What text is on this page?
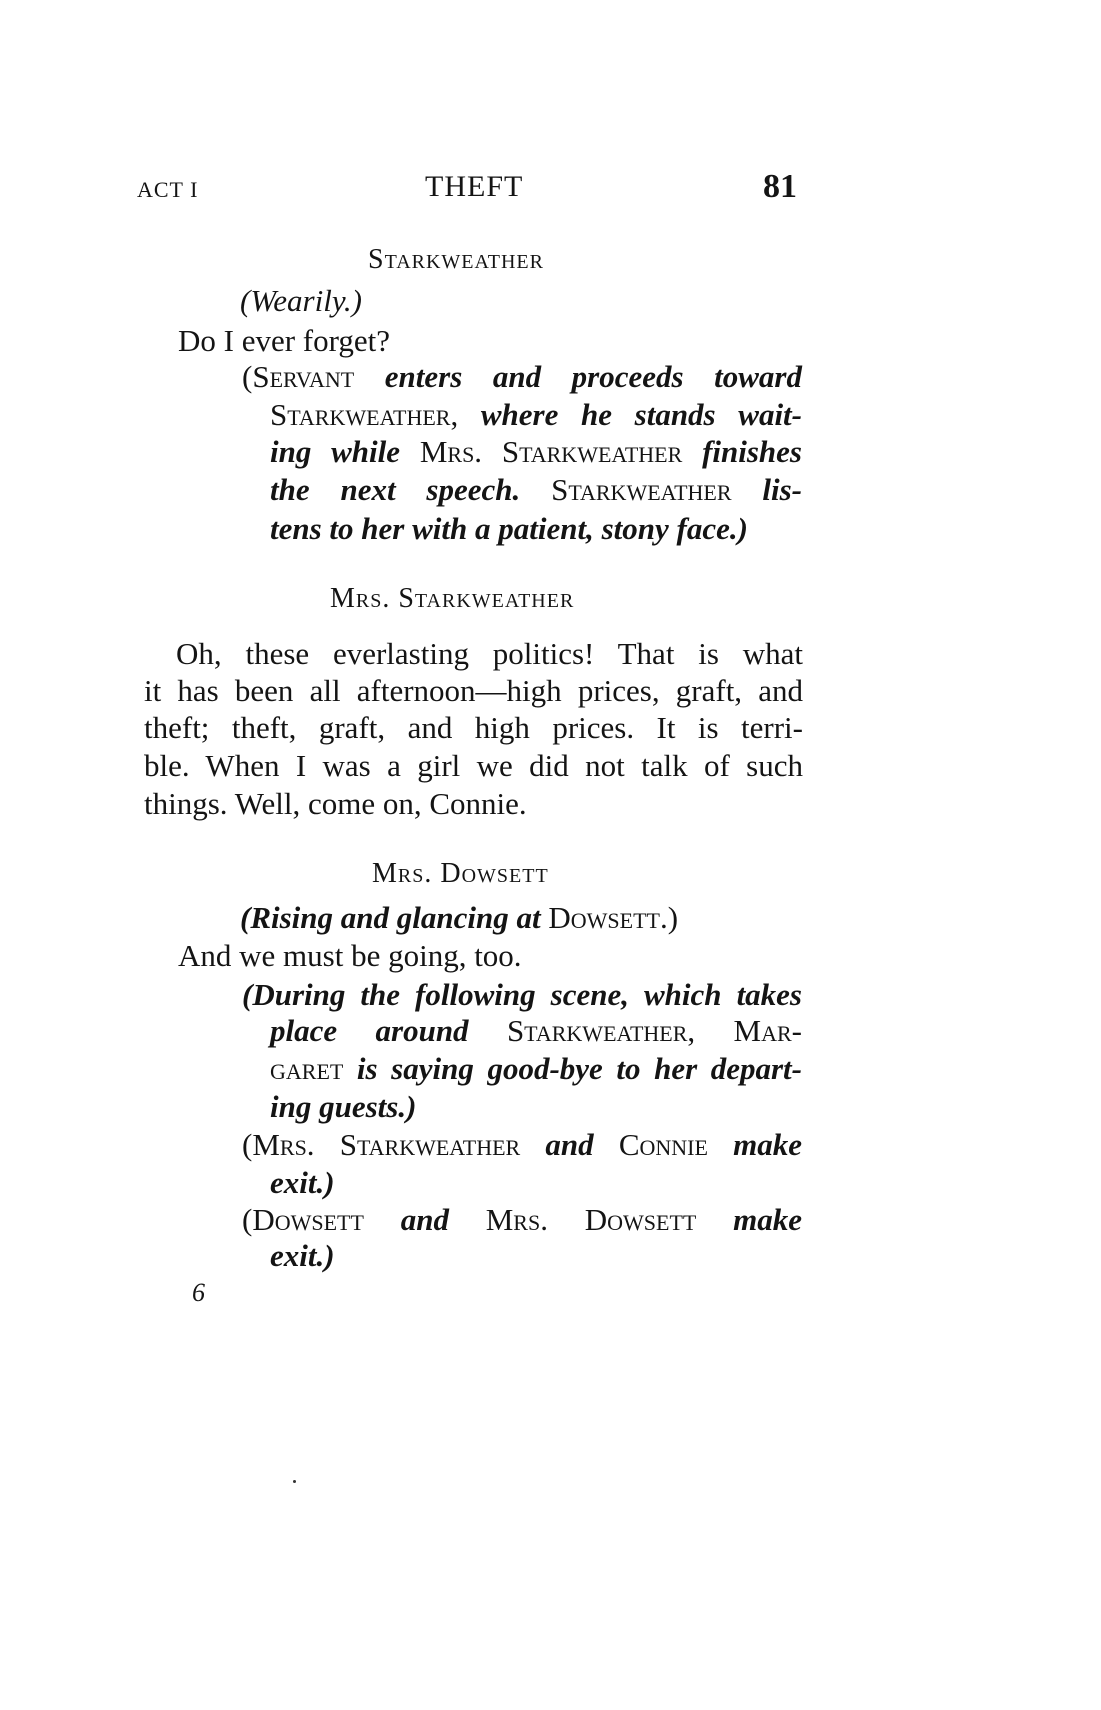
ACT I	THEFT	81
Starkweather
(Wearily.)
Do I ever forget?
(Servant enters and proceeds toward
Starkweather, where he stands wait-
ing while Mrs. Starkweather finishes
the next speech. Starkweather lis-
tens to her with a patient, stony face.)
Mrs. Starkweather
Oh, these everlasting politics! That is what
it has been all afternoon—high prices, graft, and
theft; theft, graft, and high prices. It is terri-
ble. When I was a girl we did not talk of such
things. Well, come on, Connie.
Mrs. Dowsett
(Rising and glancing at Dowsett.)
And we must be going, too.
(During the following scene, which takes
place around Starkweather, Mar-
garet is saying good-bye to her depart-
ing guests.)
(Mrs. Starkweather and Connie make
exit.)
(Dowsett and Mrs. Dowsett make
exit.)
6
